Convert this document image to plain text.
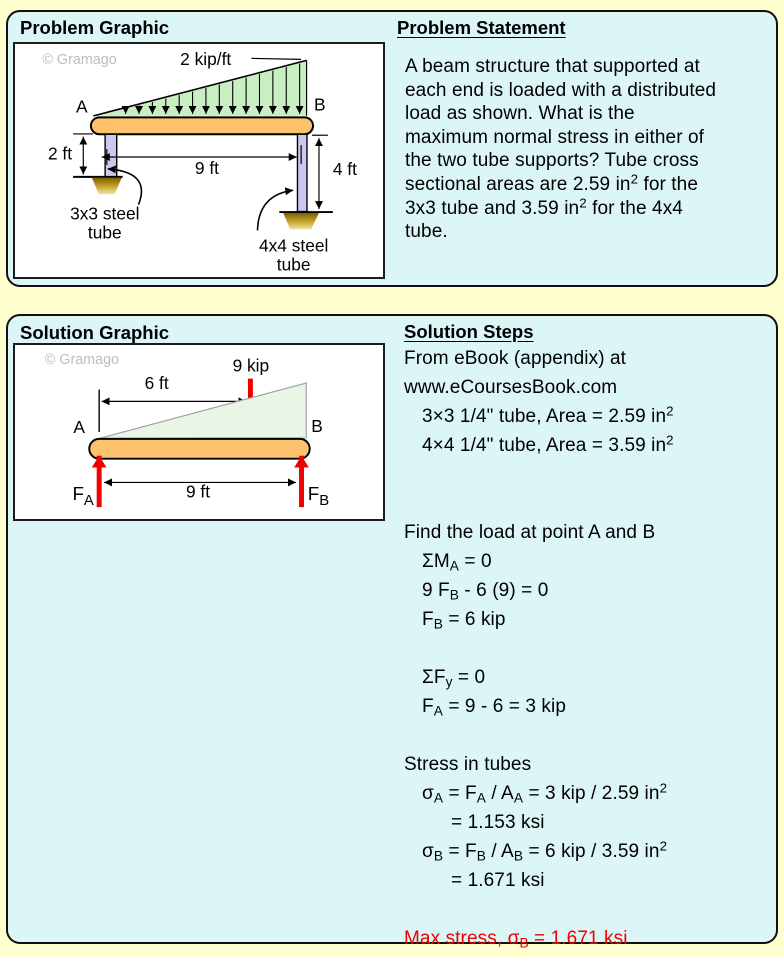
Problem Graphic
© Gramago	2 kip/ft
A	B
2 ft
9 ft	4 ft
3x3 steel
tube
4x4 steel
tube
Problem Statement
A beam structure that supported at
each end is loaded with a distributed
load as shown. What is the
maximum normal stress in either of
the two tube supports? Tube cross
sectional areas are 2.59 $in^2$ for the
3x3 tube and 3.59 $in^2$ for the 4x4
tube.
Solution Graphic
© Gramago	9 kip
6 ft
A	B
9 ft
$F_A$	$F_B$
Solution Steps
From eBook (appendix) at
www.eCoursesBook.com
3×3 1/4" tube, Area = 2.59 $in^2$
4×4 1/4" tube, Area = 3.59 $in^2$

Find the load at point A and B
$\Sigma M_A = 0$
9 $F_B - 6$ (9) = 0
$F_B = 6$ kip

$\Sigma F_y = 0$
$F_A = 9 - 6 = 3$ kip

Stress in tubes
$\sigma_A = F_A / A_A = 3$ kip / 2.59 $in^2$
= 1.153 ksi
$\sigma_B = F_B / A_B = 6$ kip / 3.59 $in^2$
= 1.671 ksi

Max stress, $\sigma_B = 1.671$ ksi
